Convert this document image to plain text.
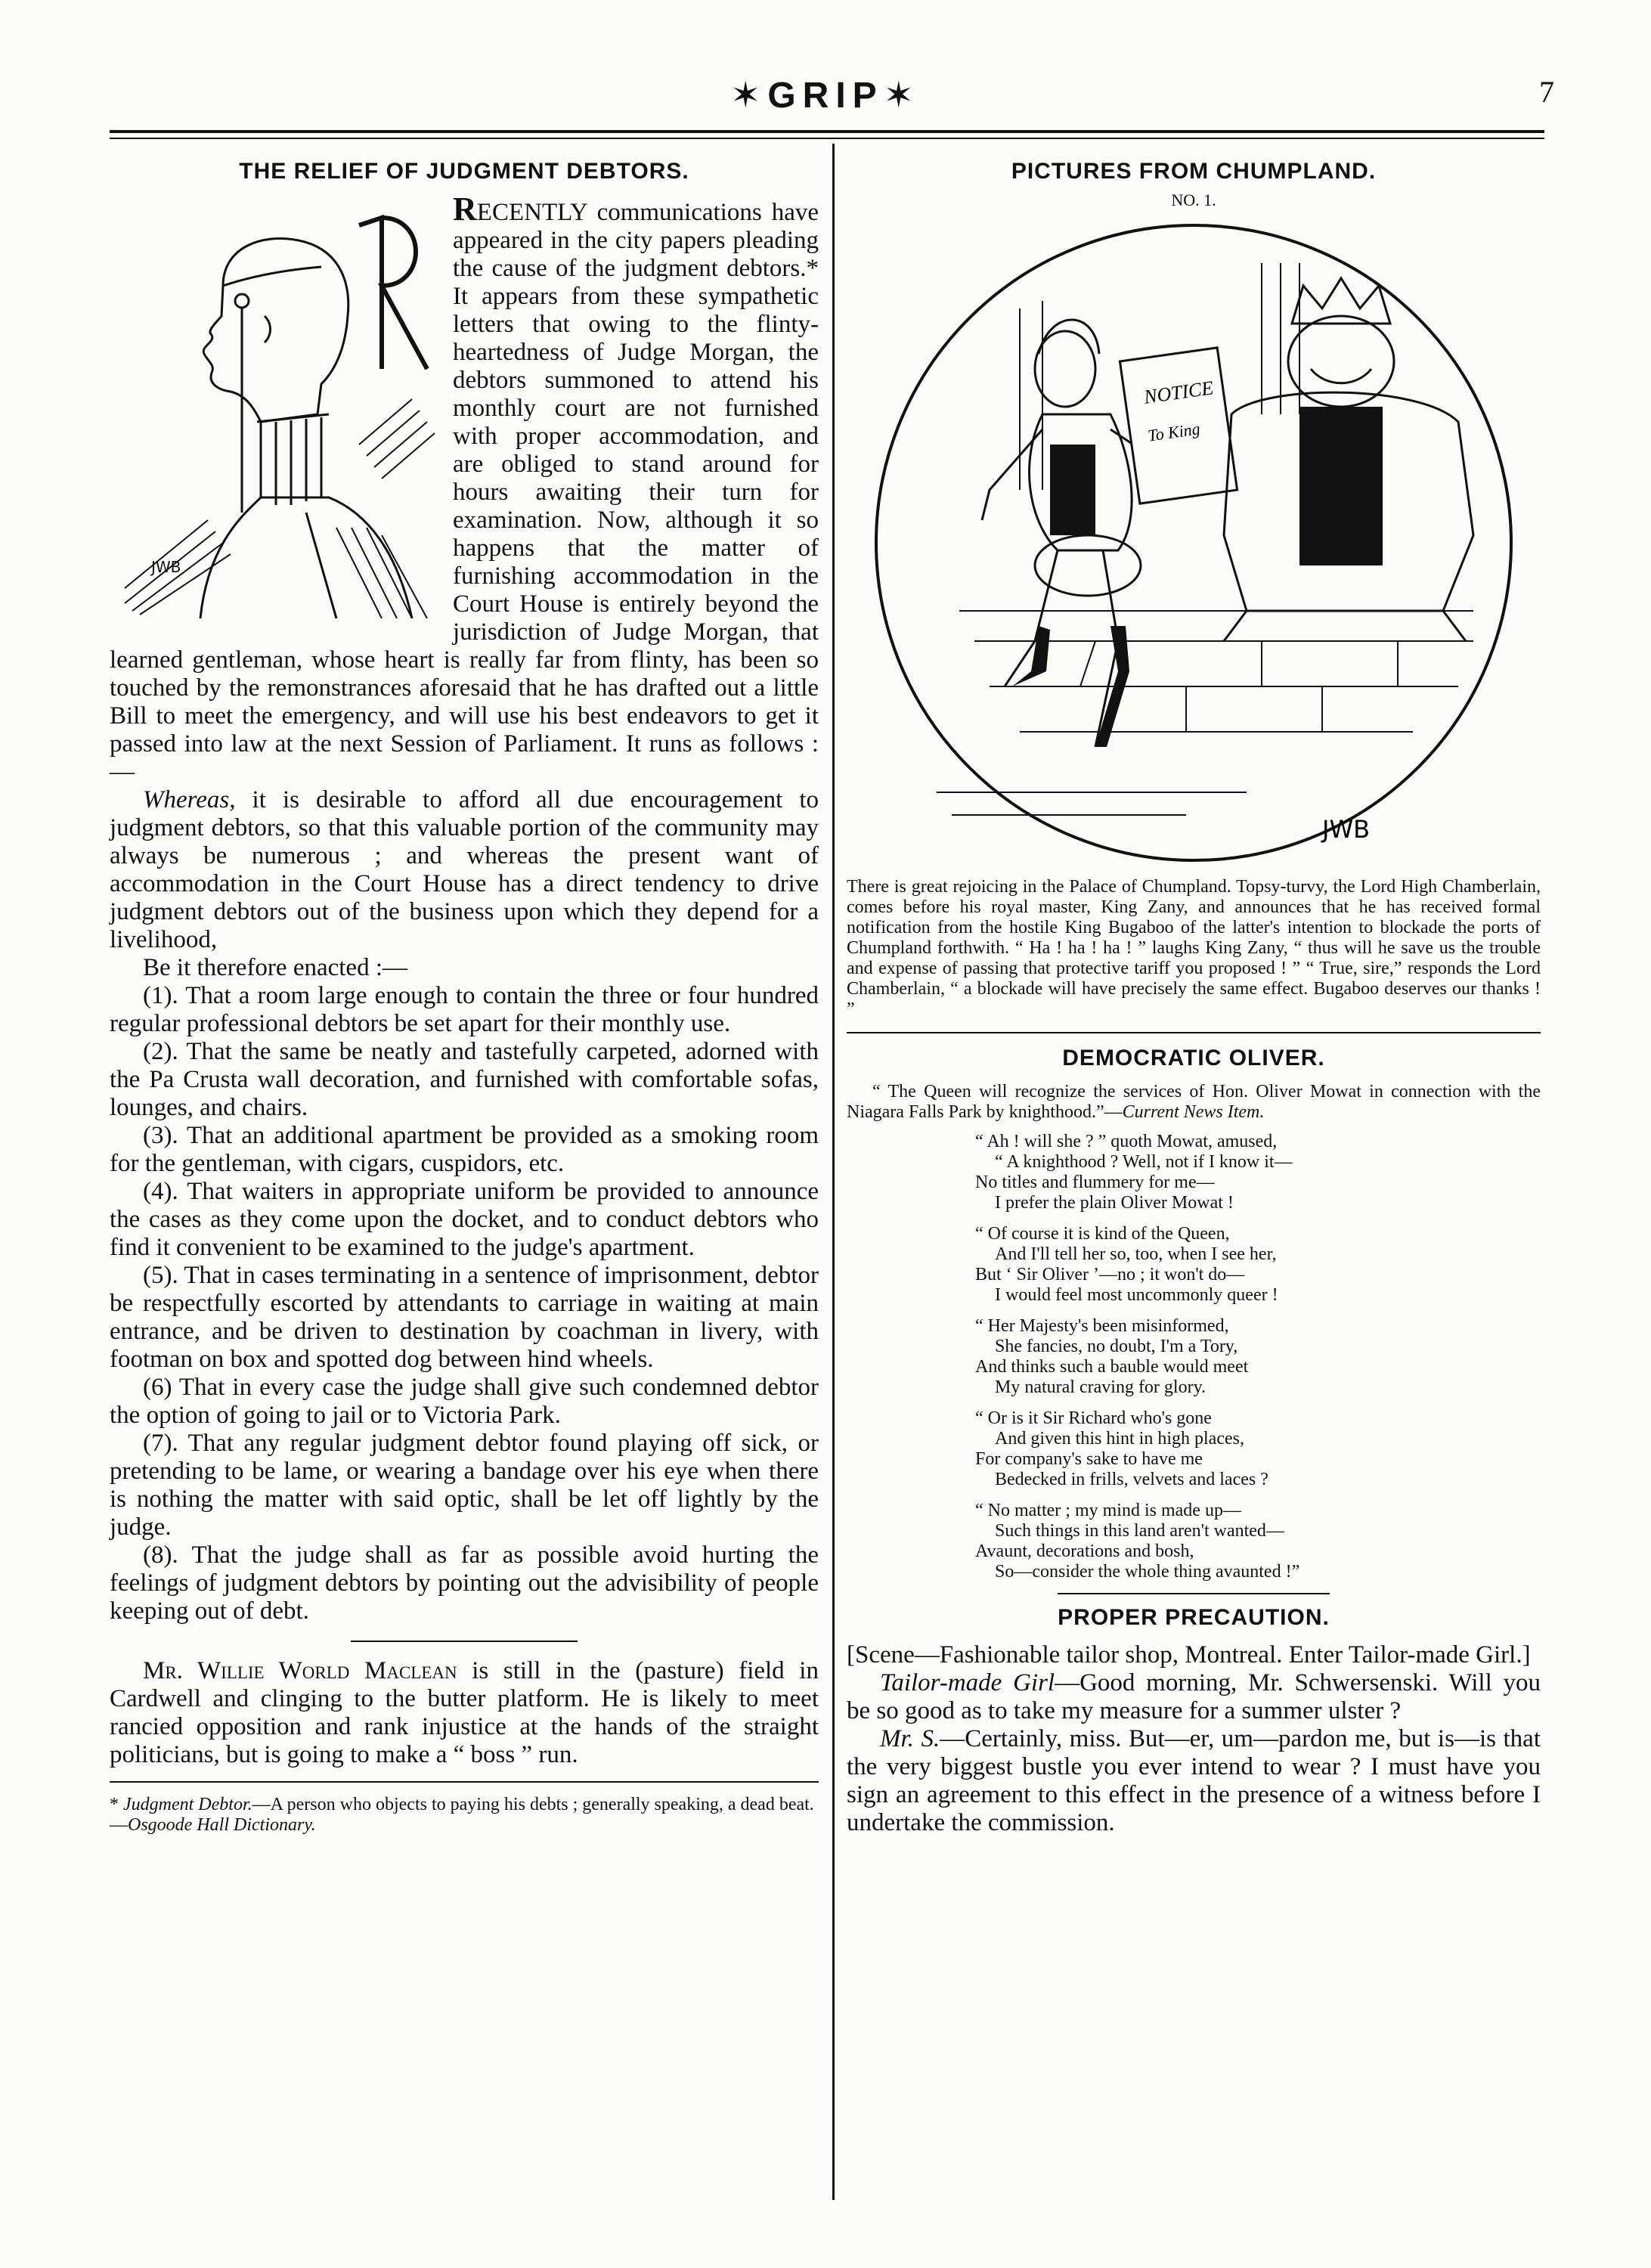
✶GRIP✶	7
THE RELIEF OF JUDGMENT DEBTORS.
JWB

RECENTLY communications have appeared in the city papers pleading the cause of the judgment debtors.* It appears from these sympathetic letters that owing to the flinty-heartedness of Judge Morgan, the debtors summoned to attend his monthly court are not furnished with proper accommodation, and are obliged to stand around for hours awaiting their turn for examination. Now, although it so happens that the matter of furnishing accommodation in the Court House is entirely beyond the jurisdiction of Judge Morgan, that learned gentleman, whose heart is really far from flinty, has been so touched by the remonstrances aforesaid that he has drafted out a little Bill to meet the emergency, and will use his best endeavors to get it passed into law at the next Session of Parliament. It runs as follows :—

Whereas, it is desirable to afford all due encouragement to judgment debtors, so that this valuable portion of the community may always be numerous ; and whereas the present want of accommodation in the Court House has a direct tendency to drive judgment debtors out of the business upon which they depend for a livelihood,

Be it therefore enacted :—

(1). That a room large enough to contain the three or four hundred regular professional debtors be set apart for their monthly use.

(2). That the same be neatly and tastefully carpeted, adorned with the Pa Crusta wall decoration, and furnished with comfortable sofas, lounges, and chairs.

(3). That an additional apartment be provided as a smoking room for the gentleman, with cigars, cuspidors, etc.

(4). That waiters in appropriate uniform be provided to announce the cases as they come upon the docket, and to conduct debtors who find it convenient to be examined to the judge's apartment.

(5). That in cases terminating in a sentence of imprisonment, debtor be respectfully escorted by attendants to carriage in waiting at main entrance, and be driven to destination by coachman in livery, with footman on box and spotted dog between hind wheels.

(6) That in every case the judge shall give such condemned debtor the option of going to jail or to Victoria Park.

(7). That any regular judgment debtor found playing off sick, or pretending to be lame, or wearing a bandage over his eye when there is nothing the matter with said optic, shall be let off lightly by the judge.

(8). That the judge shall as far as possible avoid hurting the feelings of judgment debtors by pointing out the advisibility of people keeping out of debt.

Mr. Willie World Maclean is still in the (pasture) field in Cardwell and clinging to the butter platform. He is likely to meet rancied opposition and rank injustice at the hands of the straight politicians, but is going to make a “ boss ” run.

* Judgment Debtor.—A person who objects to paying his debts ; generally speaking, a dead beat.—Osgoode Hall Dictionary.

PICTURES FROM CHUMPLAND.
NO. 1.
NOTICE
To King
JWB

There is great rejoicing in the Palace of Chumpland. Topsy-turvy, the Lord High Chamberlain, comes before his royal master, King Zany, and announces that he has received formal notification from the hostile King Bugaboo of the latter's intention to blockade the ports of Chumpland forthwith. “ Ha ! ha ! ha ! ” laughs King Zany, “ thus will he save us the trouble and expense of passing that protective tariff you proposed ! ” “ True, sire,” responds the Lord Chamberlain, “ a blockade will have precisely the same effect. Bugaboo deserves our thanks ! ”

DEMOCRATIC OLIVER.

“ The Queen will recognize the services of Hon. Oliver Mowat in connection with the Niagara Falls Park by knighthood.”—Current News Item.

“ Ah ! will she ? ” quoth Mowat, amused,
“ A knighthood ? Well, not if I know it—
No titles and flummery for me—
I prefer the plain Oliver Mowat !
“ Of course it is kind of the Queen,
And I'll tell her so, too, when I see her,
But ‘ Sir Oliver ’—no ; it won't do—
I would feel most uncommonly queer !
“ Her Majesty's been misinformed,
She fancies, no doubt, I'm a Tory,
And thinks such a bauble would meet
My natural craving for glory.
“ Or is it Sir Richard who's gone
And given this hint in high places,
For company's sake to have me
Bedecked in frills, velvets and laces ?
“ No matter ; my mind is made up—
Such things in this land aren't wanted—
Avaunt, decorations and bosh,
So—consider the whole thing avaunted !”
PROPER PRECAUTION.

[Scene—Fashionable tailor shop, Montreal. Enter Tailor-made Girl.]

Tailor-made Girl—Good morning, Mr. Schwersenski. Will you be so good as to take my measure for a summer ulster ?

Mr. S.—Certainly, miss. But—er, um—pardon me, but is—is that the very biggest bustle you ever intend to wear ? I must have you sign an agreement to this effect in the presence of a witness before I undertake the commission.
